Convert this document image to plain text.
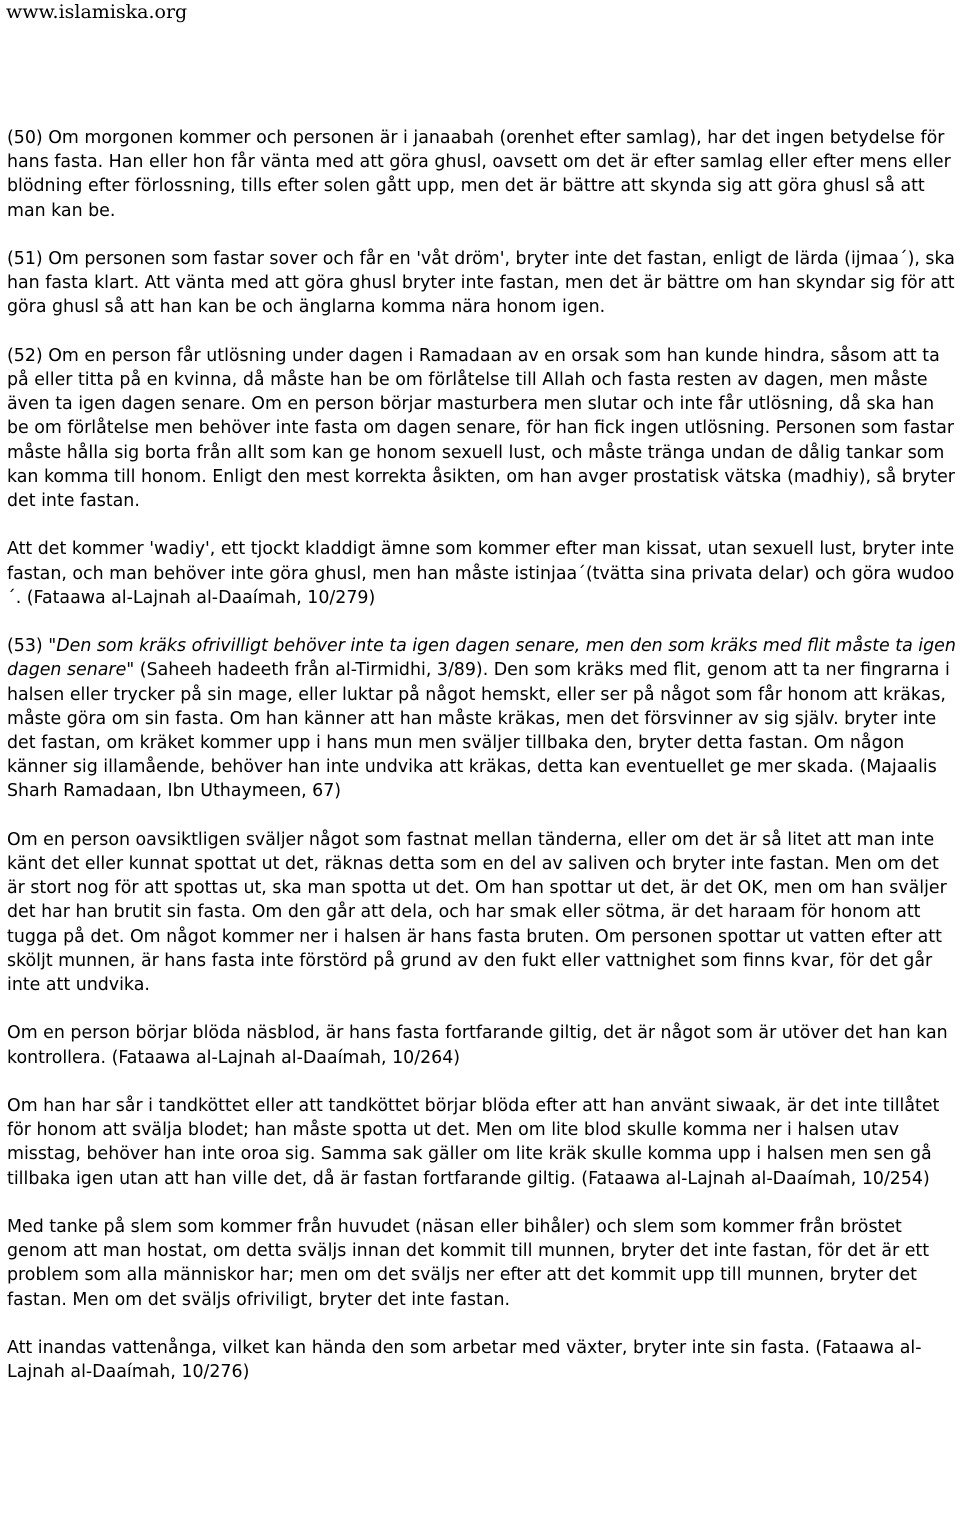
www.islamiska.org

(50) Om morgonen kommer och personen är i janaabah (orenhet efter samlag), har det ingen betydelse för hans fasta. Han eller hon får vänta med att göra ghusl, oavsett om det är efter samlag eller efter mens eller blödning efter förlossning, tills efter solen gått upp, men det är bättre att skynda sig att göra ghusl så att man kan be.

(51) Om personen som fastar sover och får en 'våt dröm', bryter inte det fastan, enligt de lärda (ijmaa´), ska han fasta klart. Att vänta med att göra ghusl bryter inte fastan, men det är bättre om han skyndar sig för att göra ghusl så att han kan be och änglarna komma nära honom igen.

(52) Om en person får utlösning under dagen i Ramadaan av en orsak som han kunde hindra, såsom att ta på eller titta på en kvinna, då måste han be om förlåtelse till Allah och fasta resten av dagen, men måste även ta igen dagen senare. Om en person börjar masturbera men slutar och inte får utlösning, då ska han be om förlåtelse men behöver inte fasta om dagen senare, för han fick ingen utlösning. Personen som fastar måste hålla sig borta från allt som kan ge honom sexuell lust, och måste tränga undan de dålig tankar som kan komma till honom. Enligt den mest korrekta åsikten, om han avger prostatisk vätska (madhiy), så bryter det inte fastan.

Att det kommer 'wadiy', ett tjockt kladdigt ämne som kommer efter man kissat, utan sexuell lust, bryter inte fastan, och man behöver inte göra ghusl, men han måste istinjaa´(tvätta sina privata delar) och göra wudoo´. (Fataawa al-Lajnah al-Daaímah, 10/279)

(53) "Den som kräks ofrivilligt behöver inte ta igen dagen senare, men den som kräks med flit måste ta igen dagen senare" (Saheeh hadeeth från al-Tirmidhi, 3/89). Den som kräks med flit, genom att ta ner fingrarna i halsen eller trycker på sin mage, eller luktar på något hemskt, eller ser på något som får honom att kräkas, måste göra om sin fasta. Om han känner att han måste kräkas, men det försvinner av sig själv. bryter inte det fastan, om kräket kommer upp i hans mun men sväljer tillbaka den, bryter detta fastan. Om någon känner sig illamående, behöver han inte undvika att kräkas, detta kan eventuellet ge mer skada. (Majaalis Sharh Ramadaan, Ibn Uthaymeen, 67)

Om en person oavsiktligen sväljer något som fastnat mellan tänderna, eller om det är så litet att man inte känt det eller kunnat spottat ut det, räknas detta som en del av saliven och bryter inte fastan. Men om det är stort nog för att spottas ut, ska man spotta ut det. Om han spottar ut det, är det OK, men om han sväljer det har han brutit sin fasta. Om den går att dela, och har smak eller sötma, är det haraam för honom att tugga på det. Om något kommer ner i halsen är hans fasta bruten. Om personen spottar ut vatten efter att sköljt munnen, är hans fasta inte förstörd på grund av den fukt eller vattnighet som finns kvar, för det går inte att undvika.

Om en person börjar blöda näsblod, är hans fasta fortfarande giltig, det är något som är utöver det han kan kontrollera. (Fataawa al-Lajnah al-Daaímah, 10/264)

Om han har sår i tandköttet eller att tandköttet börjar blöda efter att han använt siwaak, är det inte tillåtet för honom att svälja blodet; han måste spotta ut det. Men om lite blod skulle komma ner i halsen utav misstag, behöver han inte oroa sig. Samma sak gäller om lite kräk skulle komma upp i halsen men sen gå tillbaka igen utan att han ville det, då är fastan fortfarande giltig. (Fataawa al-Lajnah al-Daaímah, 10/254)

Med tanke på slem som kommer från huvudet (näsan eller bihåler) och slem som kommer från bröstet genom att man hostat, om detta sväljs innan det kommit till munnen, bryter det inte fastan, för det är ett problem som alla människor har; men om det sväljs ner efter att det kommit upp till munnen, bryter det fastan. Men om det sväljs ofriviligt, bryter det inte fastan.

Att inandas vattenånga, vilket kan hända den som arbetar med växter, bryter inte sin fasta. (Fataawa al-Lajnah al-Daaímah, 10/276)
